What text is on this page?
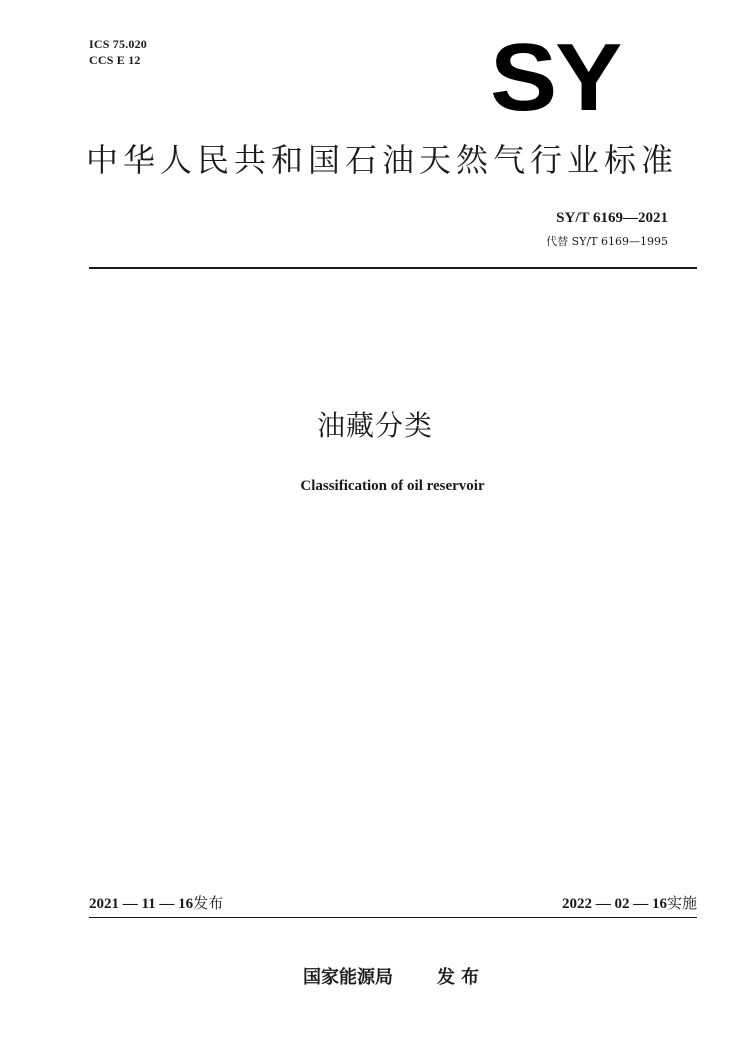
ICS 75.020
CCS E 12	SY
中华人民共和国石油天然气行业标准
SY/T 6169—2021
代替 SY/T 6169—1995
油藏分类
Classification of oil reservoir
2021 — 11 — 16发布	2022 — 02 — 16实施
国家能源局 发布
